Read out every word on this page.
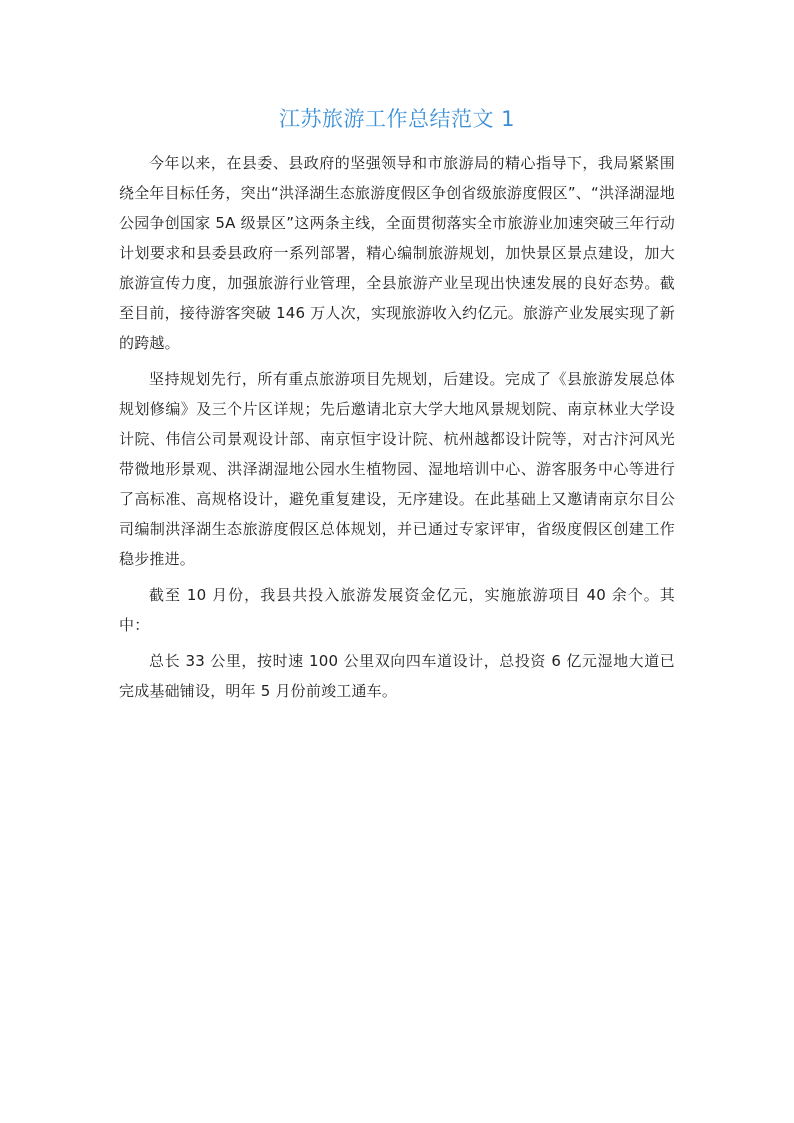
江苏旅游工作总结范文 1

今年以来，在县委、县政府的坚强领导和市旅游局的精心指导下，我局紧紧围绕全年目标任务，突出“洪泽湖生态旅游度假区争创省级旅游度假区”、“洪泽湖湿地公园争创国家 5A 级景区”这两条主线，全面贯彻落实全市旅游业加速突破三年行动计划要求和县委县政府一系列部署，精心编制旅游规划，加快景区景点建设，加大旅游宣传力度，加强旅游行业管理，全县旅游产业呈现出快速发展的良好态势。截至目前，接待游客突破 146 万人次，实现旅游收入约亿元。旅游产业发展实现了新的跨越。

坚持规划先行，所有重点旅游项目先规划，后建设。完成了《县旅游发展总体规划修编》及三个片区详规；先后邀请北京大学大地风景规划院、南京林业大学设计院、伟信公司景观设计部、南京恒宇设计院、杭州越都设计院等，对古汴河风光带微地形景观、洪泽湖湿地公园水生植物园、湿地培训中心、游客服务中心等进行了高标准、高规格设计，避免重复建设，无序建设。在此基础上又邀请南京尔目公司编制洪泽湖生态旅游度假区总体规划，并已通过专家评审，省级度假区创建工作稳步推进。

截至 10 月份，我县共投入旅游发展资金亿元，实施旅游项目 40 余个。其中：

总长 33 公里，按时速 100 公里双向四车道设计，总投资 6 亿元湿地大道已完成基础铺设，明年 5 月份前竣工通车。
